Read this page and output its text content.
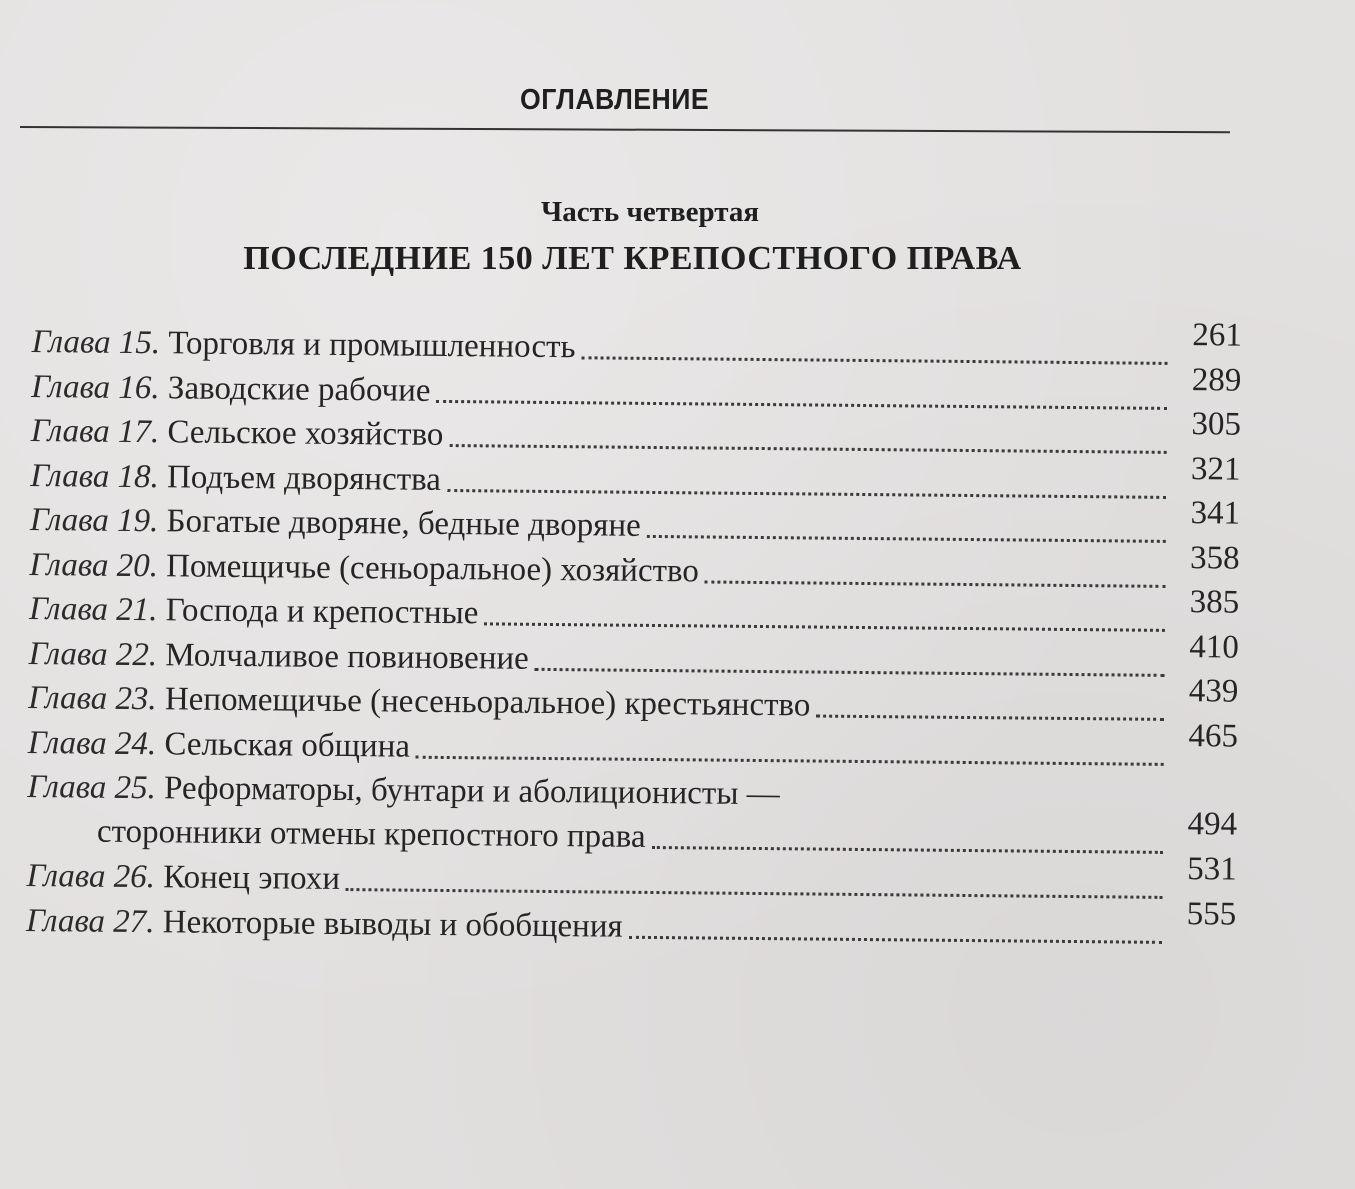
ОГЛАВЛЕНИЕ
Часть четвертая
ПОСЛЕДНИЕ 150 ЛЕТ КРЕПОСТНОГО ПРАВА
Глава 15. Торговля и промышленность	261
Глава 16. Заводские рабочие	289
Глава 17. Сельское хозяйство	305
Глава 18. Подъем дворянства	321
Глава 19. Богатые дворяне, бедные дворяне	341
Глава 20. Помещичье (сеньоральное) хозяйство	358
Глава 21. Господа и крепостные	385
Глава 22. Молчаливое повиновение	410
Глава 23. Непомещичье (несеньоральное) крестьянство	439
Глава 24. Сельская община	465
Глава 25. Реформаторы, бунтари и аболиционисты —
сторонники отмены крепостного права	494
Глава 26. Конец эпохи	531
Глава 27. Некоторые выводы и обобщения	555
